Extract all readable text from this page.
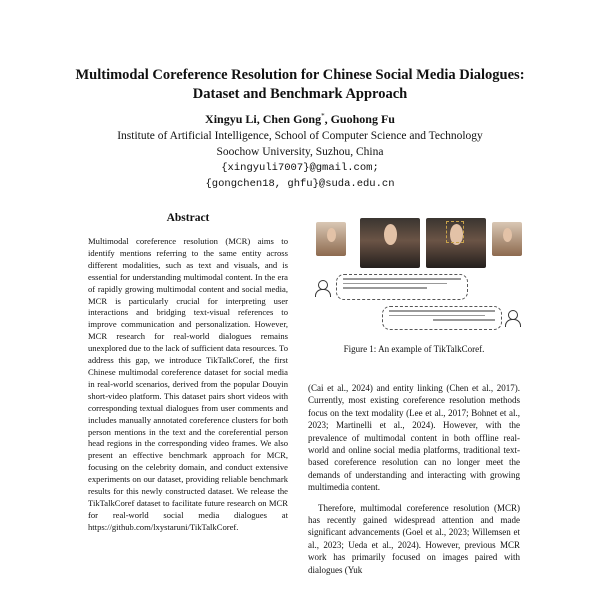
Multimodal Coreference Resolution for Chinese Social Media Dialogues:
Dataset and Benchmark Approach
Xingyu Li, Chen Gong*, Guohong Fu
Institute of Artificial Intelligence, School of Computer Science and Technology
Soochow University, Suzhou, China
{xingyuli7007}@gmail.com;
{gongchen18, ghfu}@suda.edu.cn
Abstract
Multimodal coreference resolution (MCR) aims to identify mentions referring to the same entity across different modalities, such as text and visuals, and is essential for understanding multimodal content. In the era of rapidly growing multimodal content and social media, MCR is particularly crucial for interpreting user interactions and bridging text-visual references to improve communication and personalization. However, MCR research for real-world dialogues remains unexplored due to the lack of sufficient data resources. To address this gap, we introduce TikTalkCoref, the first Chinese multimodal coreference dataset for social media in real-world scenarios, derived from the popular Douyin short-video platform. This dataset pairs short videos with corresponding textual dialogues from user comments and includes manually annotated coreference clusters for both person mentions in the text and the coreferential person head regions in the corresponding video frames. We also present an effective benchmark approach for MCR, focusing on the celebrity domain, and conduct extensive experiments on our dataset, providing reliable benchmark results for this newly constructed dataset. We release the TikTalkCoref dataset to facilitate future research on MCR for real-world social media dialogues at https://github.com/lxystaruni/TikTalkCoref.
Figure 1: An example of TikTalkCoref.

(Cai et al., 2024) and entity linking (Chen et al., 2017). Currently, most existing coreference resolution methods focus on the text modality (Lee et al., 2017; Bohnet et al., 2023; Martinelli et al., 2024). However, with the prevalence of multimodal content in both offline real-world and online social media platforms, traditional text-based coreference resolution can no longer meet the demands of understanding and interacting with growing multimedia content.

Therefore, multimodal coreference resolution (MCR) has recently gained widespread attention and made significant advancements (Goel et al., 2023; Willemsen et al., 2023; Ueda et al., 2024). However, previous MCR work has primarily focused on images paired with dialogues (Yuk
